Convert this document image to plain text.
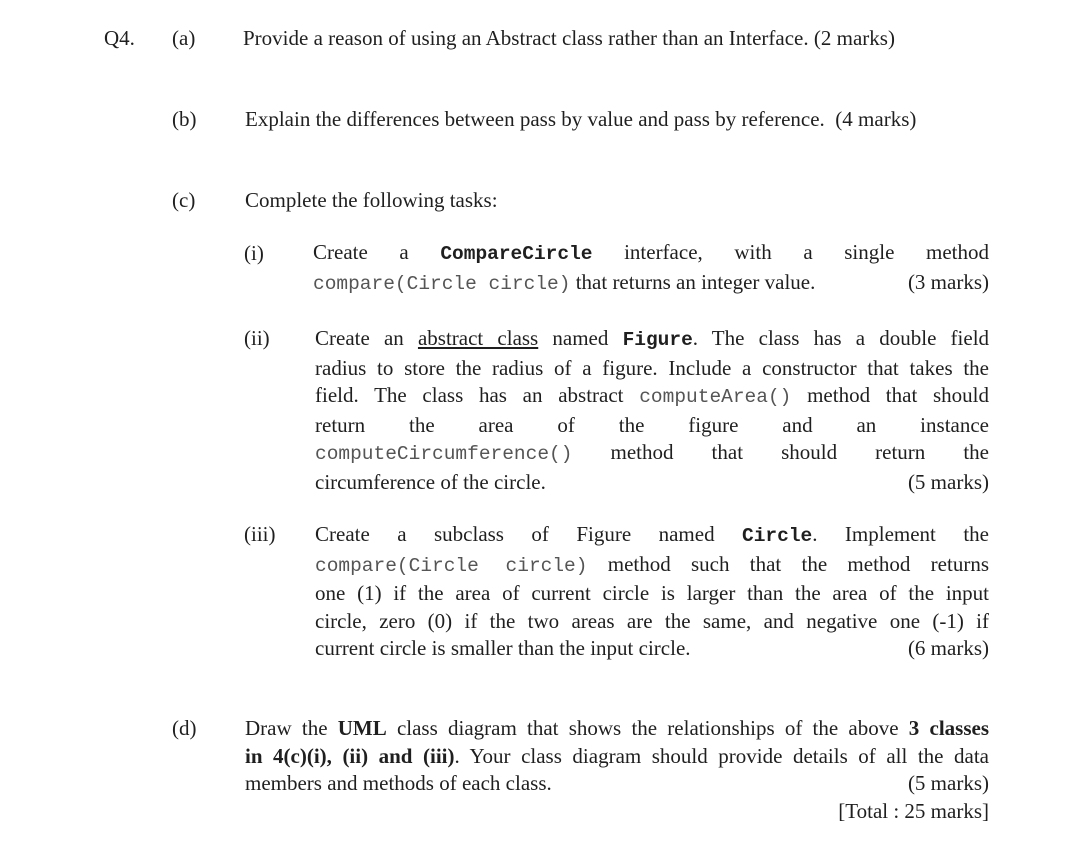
Q4. (a) Provide a reason of using an Abstract class rather than an Interface. (2 marks)
(b) Explain the differences between pass by value and pass by reference. (4 marks)
(c) Complete the following tasks:
(i) Create a CompareCircle interface, with a single method
compare(Circle circle) that returns an integer value.	(3 marks)
(ii) Create an abstract class named Figure. The class has a double field
radius to store the radius of a figure. Include a constructor that takes the
field. The class has an abstract computeArea() method that should
return the area of the figure and an instance
computeCircumference() method that should return the
circumference of the circle.	(5 marks)
(iii) Create a subclass of Figure named Circle. Implement the
compare(Circle circle) method such that the method returns
one (1) if the area of current circle is larger than the area of the input
circle, zero (0) if the two areas are the same, and negative one (-1) if
current circle is smaller than the input circle.	(6 marks)
(d) Draw the UML class diagram that shows the relationships of the above 3 classes
in 4(c)(i), (ii) and (iii). Your class diagram should provide details of all the data
members and methods of each class.	(5 marks)
[Total : 25 marks]
